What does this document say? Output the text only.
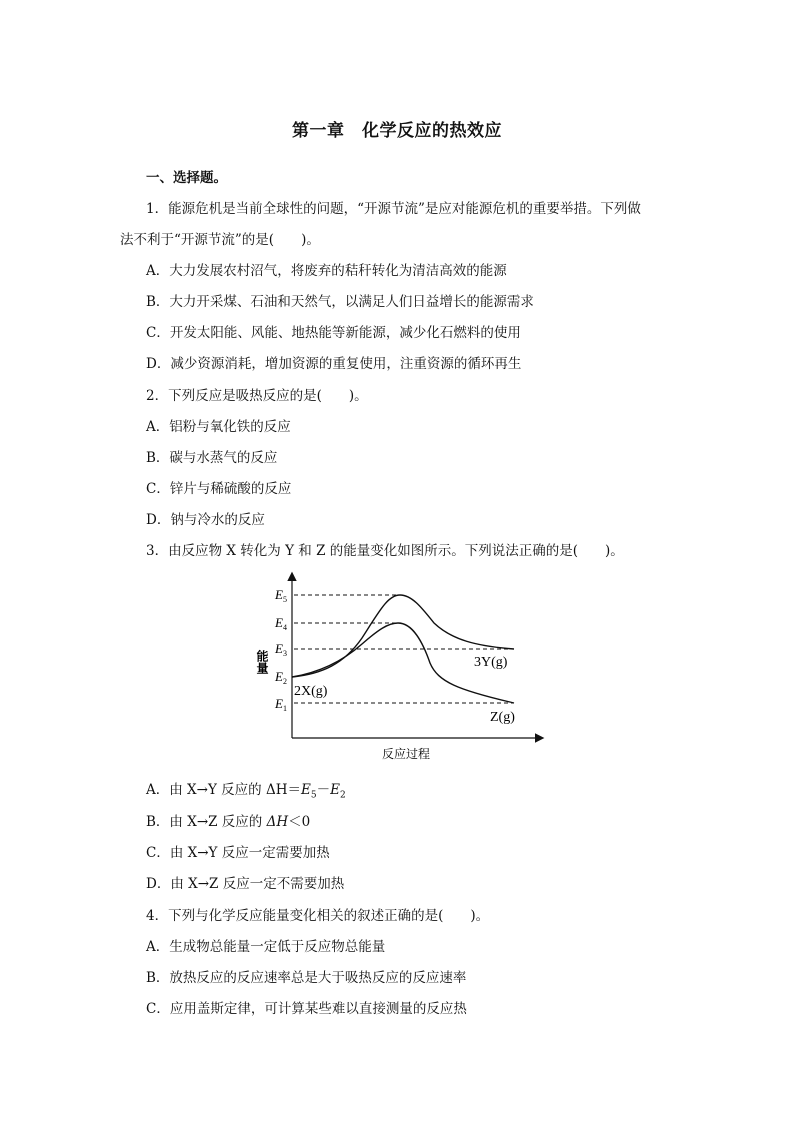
第一章　化学反应的热效应
一、选择题。
1．能源危机是当前全球性的问题，“开源节流”是应对能源危机的重要举措。下列做
法不利于“开源节流”的是(　　)。
A．大力发展农村沼气，将废弃的秸秆转化为清洁高效的能源
B．大力开采煤、石油和天然气，以满足人们日益增长的能源需求
C．开发太阳能、风能、地热能等新能源，减少化石燃料的使用
D．减少资源消耗，增加资源的重复使用，注重资源的循环再生
2．下列反应是吸热反应的是(　　)。
A．铝粉与氧化铁的反应
B．碳与水蒸气的反应
C．锌片与稀硫酸的反应
D．钠与冷水的反应
3．由反应物 X 转化为 Y 和 Z 的能量变化如图所示。下列说法正确的是(　　)。
$E_5$
$E_4$
$E_3$
$E_2$
$E_1$
能量
2X(g)
3Y(g)
Z(g)
反应过程
A．由 X→Y 反应的 $\Delta H=E_5-E_2$
B．由 X→Z 反应的 ΔH＜0
C．由 X→Y 反应一定需要加热
D．由 X→Z 反应一定不需要加热
4．下列与化学反应能量变化相关的叙述正确的是(　　)。
A．生成物总能量一定低于反应物总能量
B．放热反应的反应速率总是大于吸热反应的反应速率
C．应用盖斯定律，可计算某些难以直接测量的反应热
